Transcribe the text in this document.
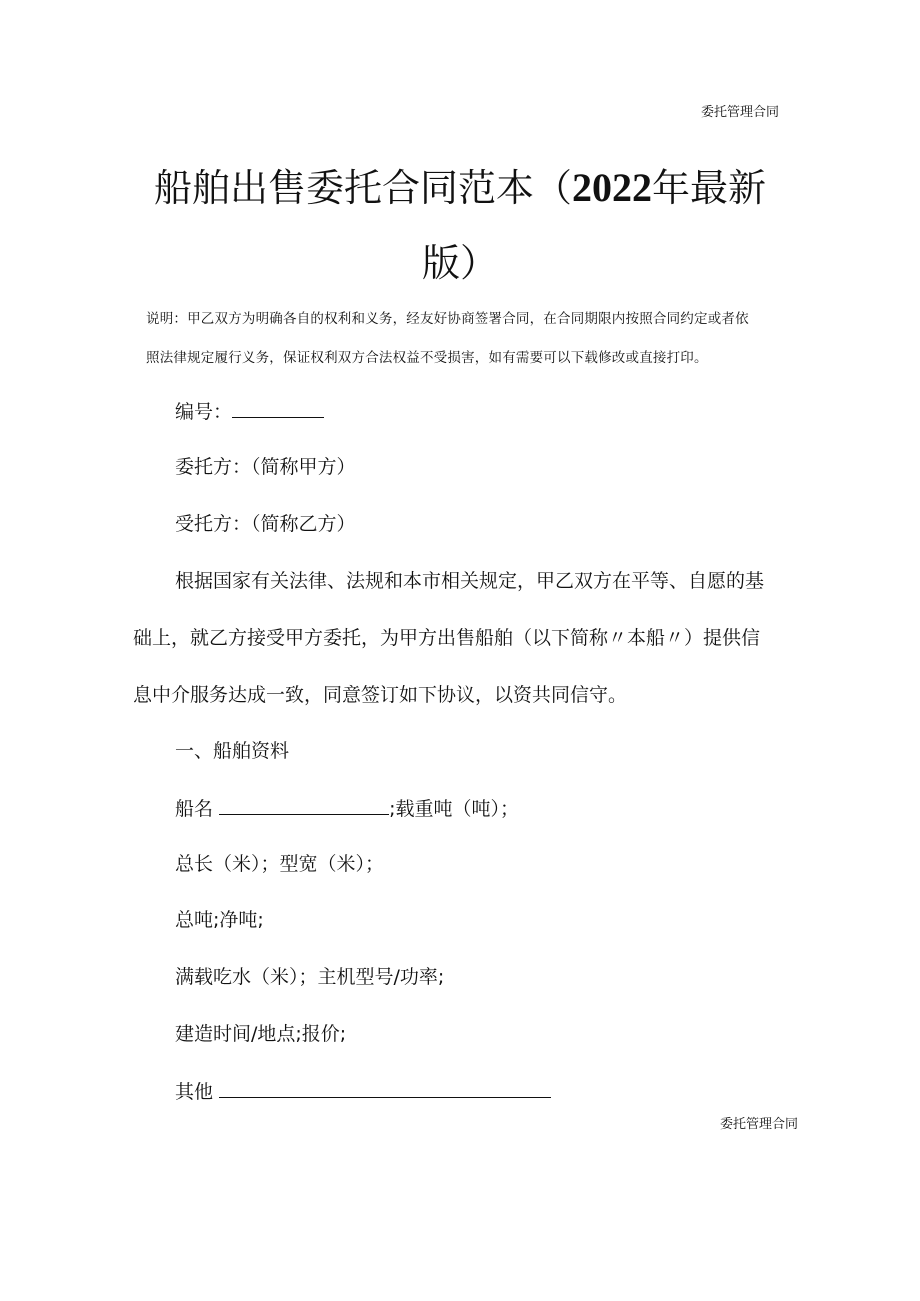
委托管理合同
船舶出售委托合同范本（2022年最新
版）
说明：甲乙双方为明确各自的权利和义务，经友好协商签署合同，在合同期限内按照合同约定或者依
照法律规定履行义务，保证权利双方合法权益不受损害，如有需要可以下载修改或直接打印。
编号：
委托方：（简称甲方）
受托方：（简称乙方）
根据国家有关法律、法规和本市相关规定，甲乙双方在平等、自愿的基
础上，就乙方接受甲方委托，为甲方出售船舶（以下简称〃本船〃）提供信
息中介服务达成一致，同意签订如下协议，以资共同信守。
一、船舶资料
船名	;载重吨（吨）；
总长（米）；型宽（米）；
总吨;净吨;
满载吃水（米）；主机型号/功率;
建造时间/地点;报价;
其他
委托管理合同
